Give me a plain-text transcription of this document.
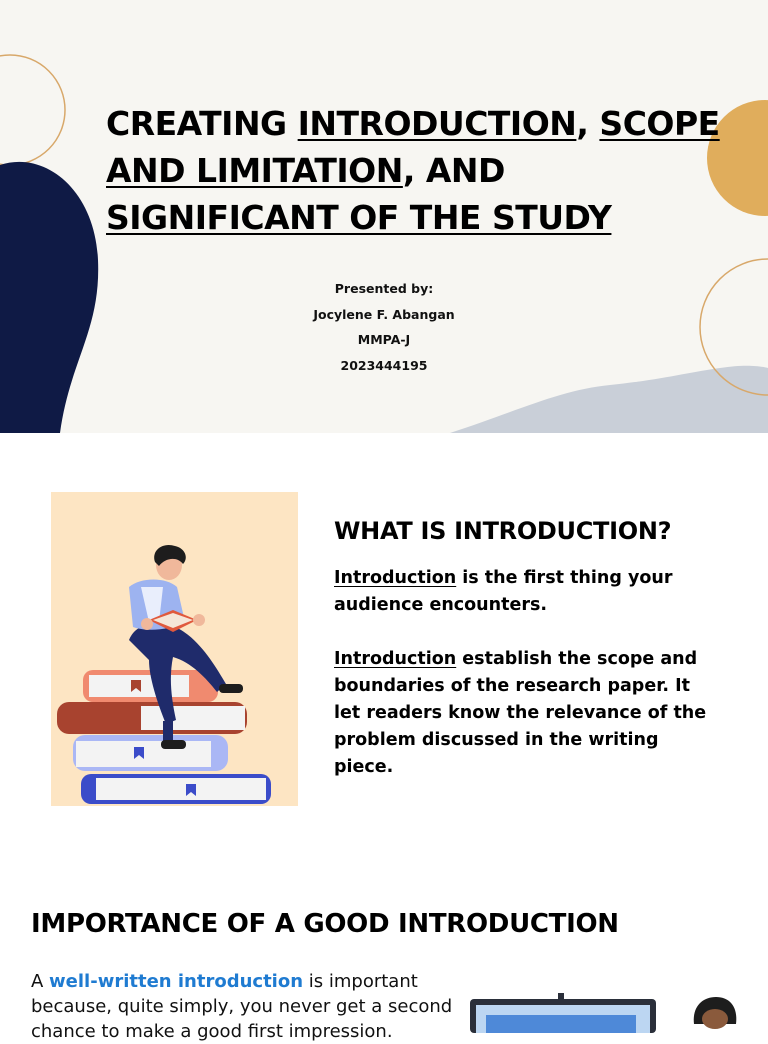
CREATING INTRODUCTION, SCOPE AND LIMITATION, AND SIGNIFICANT OF THE STUDY
Presented by:
Jocylene F. Abangan
MMPA-J
2023444195
WHAT IS INTRODUCTION?

Introduction is the first thing your audience encounters.

Introduction establish the scope and boundaries of the research paper. It let readers know the relevance of the problem discussed in the writing piece.

IMPORTANCE OF A GOOD INTRODUCTION

A well-written introduction is important because, quite simply, you never get a second chance to make a good first impression.
